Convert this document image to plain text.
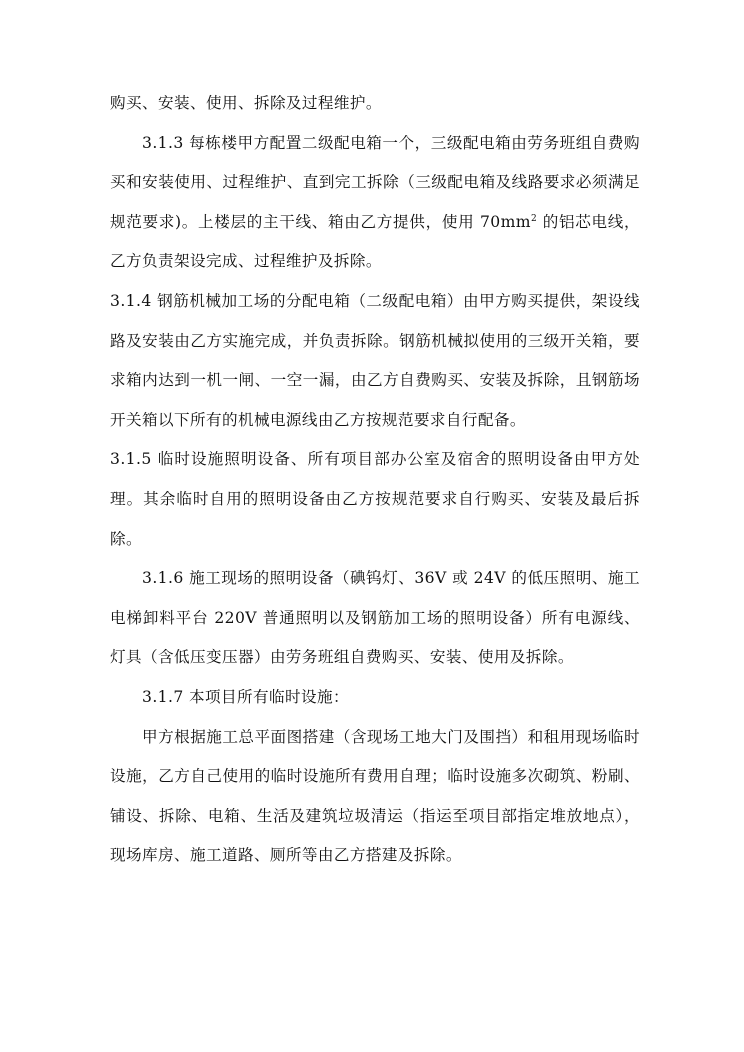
购买、安装、使用、拆除及过程维护。

3.1.3 每栋楼甲方配置二级配电箱一个，三级配电箱由劳务班组自费购买和安装使用、过程维护、直到完工拆除（三级配电箱及线路要求必须满足规范要求)。上楼层的主干线、箱由乙方提供，使用 $70mm^2$ 的铝芯电线，乙方负责架设完成、过程维护及拆除。

3.1.4 钢筋机械加工场的分配电箱（二级配电箱）由甲方购买提供，架设线路及安装由乙方实施完成，并负责拆除。钢筋机械拟使用的三级开关箱，要求箱内达到一机一闸、一空一漏，由乙方自费购买、安装及拆除，且钢筋场开关箱以下所有的机械电源线由乙方按规范要求自行配备。

3.1.5 临时设施照明设备、所有项目部办公室及宿舍的照明设备由甲方处理。其余临时自用的照明设备由乙方按规范要求自行购买、安装及最后拆除。

3.1.6 施工现场的照明设备（碘钨灯、36V 或 24V 的低压照明、施工电梯卸料平台 220V 普通照明以及钢筋加工场的照明设备）所有电源线、灯具（含低压变压器）由劳务班组自费购买、安装、使用及拆除。

3.1.7 本项目所有临时设施：

甲方根据施工总平面图搭建（含现场工地大门及围挡）和租用现场临时设施，乙方自己使用的临时设施所有费用自理；临时设施多次砌筑、粉刷、铺设、拆除、电箱、生活及建筑垃圾清运（指运至项目部指定堆放地点），现场库房、施工道路、厕所等由乙方搭建及拆除。
